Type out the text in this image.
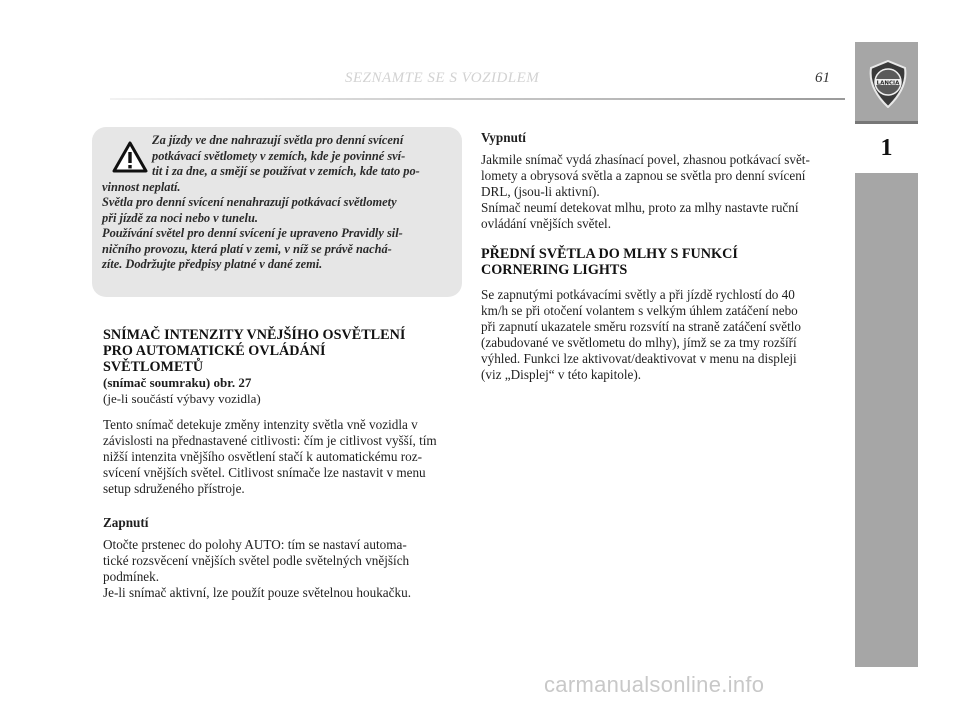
SEZNAMTE SE S VOZIDLEM	61	LANCIA
1
Za jízdy ve dne nahrazují světla pro denní svícení
potkávací světlomety v zemích, kde je povinné sví-
tit i za dne, a smějí se používat v zemích, kde tato po-
vinnost neplatí.
Světla pro denní svícení nenahrazují potkávací světlomety
při jízdě za noci nebo v tunelu.
Používání světel pro denní svícení je upraveno Pravidly sil-
ničního provozu, která platí v zemi, v níž se právě nachá-
zíte. Dodržujte předpisy platné v dané zemi.

SNÍMAČ INTENZITY VNĚJŠÍHO OSVĚTLENÍ

PRO AUTOMATICKÉ OVLÁDÁNÍ

SVĚTLOMETŮ

(snímač soumraku) obr. 27

(je-li součástí výbavy vozidla)

Tento snímač detekuje změny intenzity světla vně vozidla v

závislosti na přednastavené citlivosti: čím je citlivost vyšší, tím

nižší intenzita vnějšího osvětlení stačí k automatickému roz-

svícení vnějších světel. Citlivost snímače lze nastavit v menu

setup sdruženého přístroje.

Zapnutí

Otočte prstenec do polohy AUTO: tím se nastaví automa-

tické rozsvěcení vnějších světel podle světelných vnějších

podmínek.

Je-li snímač aktivní, lze použít pouze světelnou houkačku.

Vypnutí

Jakmile snímač vydá zhasínací povel, zhasnou potkávací svět-

lomety a obrysová světla a zapnou se světla pro denní svícení

DRL, (jsou-li aktivní).

Snímač neumí detekovat mlhu, proto za mlhy nastavte ruční

ovládání vnějších světel.

PŘEDNÍ SVĚTLA DO MLHY S FUNKCÍ

CORNERING LIGHTS

Se zapnutými potkávacími světly a při jízdě rychlostí do 40

km/h se při otočení volantem s velkým úhlem zatáčení nebo

při zapnutí ukazatele směru rozsvítí na straně zatáčení světlo

(zabudované ve světlometu do mlhy), jímž se za tmy rozšíří

výhled. Funkci lze aktivovat/deaktivovat v menu na displeji

(viz „Displej“ v této kapitole).

carmanualsonline.info
